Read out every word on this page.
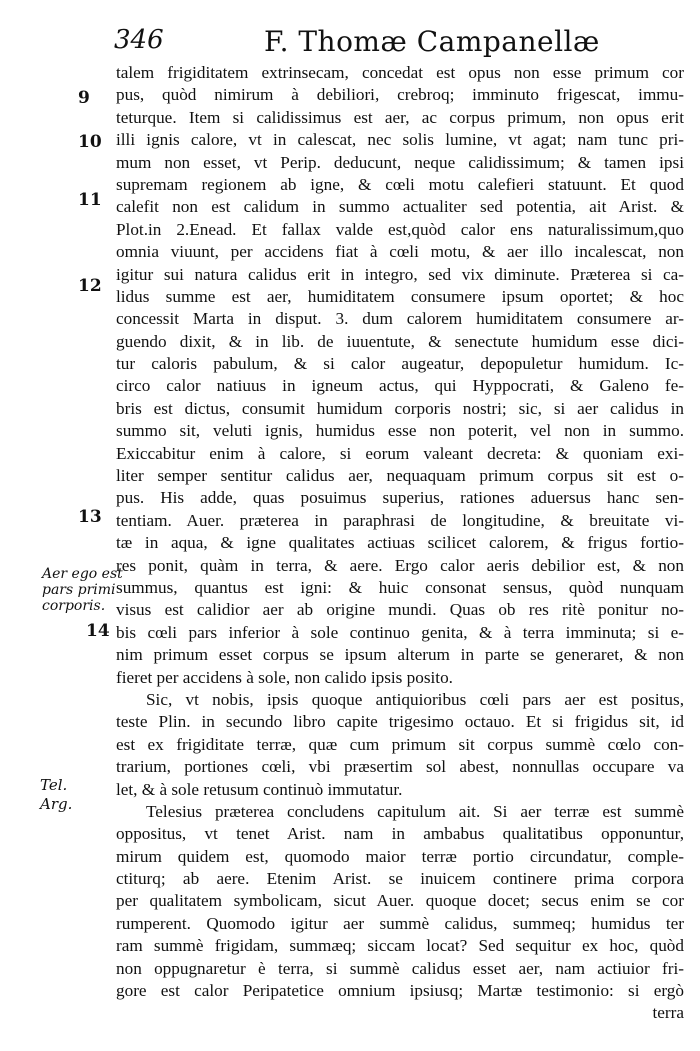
346	F. Thomæ Campanellæ
9
10
11
12
13
14
Aer ego est
pars primi
corporis.
Tel.
Arg.
talem frigiditatem extrinsecam, concedat est opus non esse primum cor
pus, quòd nimirum à debiliori, crebroq; imminuto frigescat, immu-
teturque. Item si calidissimus est aer, ac corpus primum, non opus erit
illi ignis calore, vt in calescat, nec solis lumine, vt agat; nam tunc pri-
mum non esset, vt Perip. deducunt, neque calidissimum; & tamen ipsi
supremam regionem ab igne, & cœli motu calefieri statuunt. Et quod
calefit non est calidum in summo actualiter sed potentia, ait Arist. &
Plot.in 2.Enead. Et fallax valde est,quòd calor ens naturalissimum,quo
omnia viuunt, per accidens fiat à cœli motu, & aer illo incalescat, non
igitur sui natura calidus erit in integro, sed vix diminute. Præterea si ca-
lidus summe est aer, humiditatem consumere ipsum oportet; & hoc
concessit Marta in disput. 3. dum calorem humiditatem consumere ar-
guendo dixit, & in lib. de iuuentute, & senectute humidum esse dici-
tur caloris pabulum, & si calor augeatur, depopuletur humidum. Ic-
circo calor natiuus in igneum actus, qui Hyppocrati, & Galeno fe-
bris est dictus, consumit humidum corporis nostri; sic, si aer calidus in
summo sit, veluti ignis, humidus esse non poterit, vel non in summo.
Exiccabitur enim à calore, si eorum valeant decreta: & quoniam exi-
liter semper sentitur calidus aer, nequaquam primum corpus sit est o-
pus. His adde, quas posuimus superius, rationes aduersus hanc sen-
tentiam. Auer. præterea in paraphrasi de longitudine, & breuitate vi-
tæ in aqua, & igne qualitates actiuas scilicet calorem, & frigus fortio-
res ponit, quàm in terra, & aere. Ergo calor aeris debilior est, & non
summus, quantus est igni: & huic consonat sensus, quòd nunquam
visus est calidior aer ab origine mundi. Quas ob res ritè ponitur no-
bis cœli pars inferior à sole continuo genita, & à terra imminuta; si e-
nim primum esset corpus se ipsum alterum in parte se generaret, & non
fieret per accidens à sole, non calido ipsis posito.
Sic, vt nobis, ipsis quoque antiquioribus cœli pars aer est positus,
teste Plin. in secundo libro capite trigesimo octauo. Et si frigidus sit, id
est ex frigiditate terræ, quæ cum primum sit corpus summè cœlo con-
trarium, portiones cœli, vbi præsertim sol abest, nonnullas occupare va
let, & à sole retusum continuò immutatur.
Telesius præterea concludens capitulum ait. Si aer terræ est summè
oppositus, vt tenet Arist. nam in ambabus qualitatibus opponuntur,
mirum quidem est, quomodo maior terræ portio circundatur, comple-
ctiturq; ab aere. Etenim Arist. se inuicem continere prima corpora
per qualitatem symbolicam, sicut Auer. quoque docet; secus enim se cor
rumperent. Quomodo igitur aer summè calidus, summeq; humidus ter
ram summè frigidam, summæq; siccam locat? Sed sequitur ex hoc, quòd
non oppugnaretur è terra, si summè calidus esset aer, nam actiuior fri-
gore est calor Peripatetice omnium ipsiusq; Martæ testimonio: si ergò
terra
